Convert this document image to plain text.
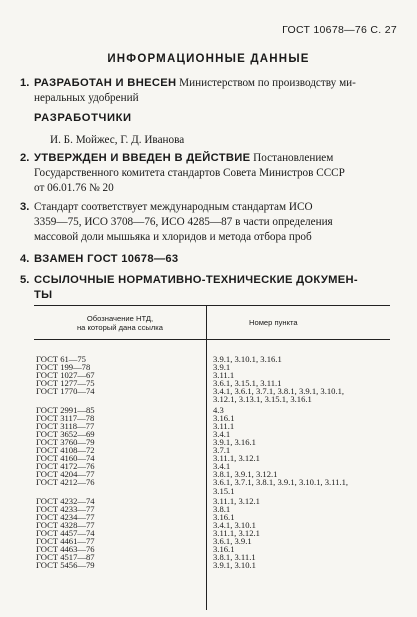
ГОСТ 10678—76 С. 27
ИНФОРМАЦИОННЫЕ ДАННЫЕ
1. РАЗРАБОТАН И ВНЕСЕН Министерством по производству ми-
неральных удобрений
РАЗРАБОТЧИКИ
И. Б. Мойжес, Г. Д. Иванова
2. УТВЕРЖДЕН И ВВЕДЕН В ДЕЙСТВИЕ Постановлением
Государственного комитета стандартов Совета Министров СССР
от 06.01.76 № 20
3. Стандарт соответствует международным стандартам ИСО
3359—75, ИСО 3708—76, ИСО 4285—87 в части определения
массовой доли мышьяка и хлоридов и метода отбора проб
4. ВЗАМЕН ГОСТ 10678—63
5. ССЫЛОЧНЫЕ НОРМАТИВНО-ТЕХНИЧЕСКИЕ ДОКУМЕН-
ТЫ
Обозначение НТД,
на который дана ссылка	Номер пункта
ГОСТ 61—75	3.9.1, 3.10.1, 3.16.1
ГОСТ 199—78	3.9.1
ГОСТ 1027—67	3.11.1
ГОСТ 1277—75	3.6.1, 3.15.1, 3.11.1
ГОСТ 1770—74	3.4.1, 3.6.1, 3.7.1, 3.8.1, 3.9.1, 3.10.1,
3.12.1, 3.13.1, 3.15.1, 3.16.1
ГОСТ 2991—85	4.3
ГОСТ 3117—78	3.16.1
ГОСТ 3118—77	3.11.1
ГОСТ 3652—69	3.4.1
ГОСТ 3760—79	3.9.1, 3.16.1
ГОСТ 4108—72	3.7.1
ГОСТ 4160—74	3.11.1, 3.12.1
ГОСТ 4172—76	3.4.1
ГОСТ 4204—77	3.8.1, 3.9.1, 3.12.1
ГОСТ 4212—76	3.6.1, 3.7.1, 3.8.1, 3.9.1, 3.10.1, 3.11.1,
3.15.1
ГОСТ 4232—74	3.11.1, 3.12.1
ГОСТ 4233—77	3.8.1
ГОСТ 4234—77	3.16.1
ГОСТ 4328—77	3.4.1, 3.10.1
ГОСТ 4457—74	3.11.1, 3.12.1
ГОСТ 4461—77	3.6.1, 3.9.1
ГОСТ 4463—76	3.16.1
ГОСТ 4517—87	3.8.1, 3.11.1
ГОСТ 5456—79	3.9.1, 3.10.1
